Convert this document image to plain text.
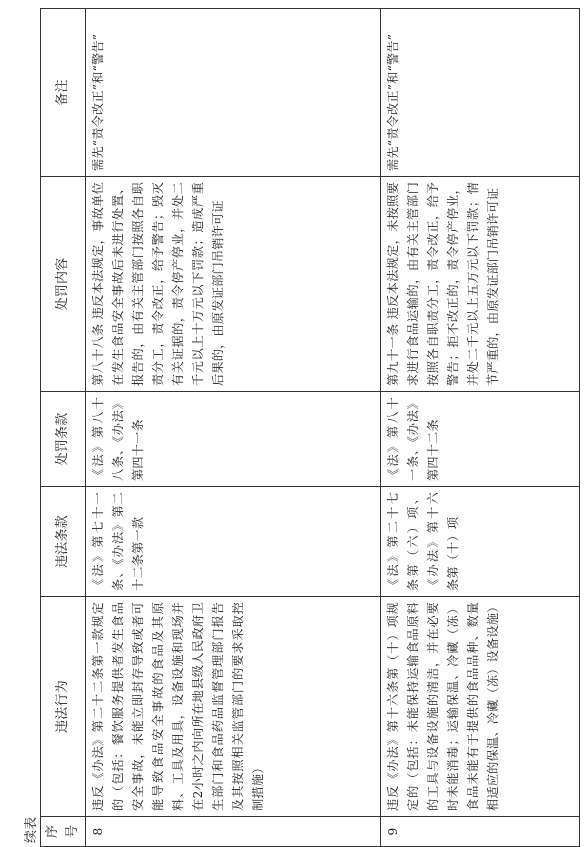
续表 序号	违法行为	违法条款	处罚条款	处罚内容	备注
8	违反《办法》第二十二条第一款规定的（包括：餐饮服务提供者发生食品安全事故，未能立即封存导致或者可能导致食品安全事故的食品及其原料、工具及用具，设备设施和现场并在2小时之内向所在地县级人民政府卫生部门和食品药品监督管理部门报告及其按照相关监管部门的要求采取控制措施）	《法》第七十一条、《办法》第二十二条第一款	《法》第八十八条、《办法》第四十一条	第八十八条 违反本法规定，事故单位在发生食品安全事故后未进行处置、报告的，由有关主管部门按照各自职责分工，责令改正，给予警告；毁灭有关证据的，责令停产停业，并处二千元以上十万元以下罚款；造成严重后果的，由原发证部门吊销许可证	需先“责令改正”和“警告”
9	违反《办法》第十六条第（十）项规定的（包括：未能保持运输食品原料的工具与设备设施的清洁，并在必要时未能消毒；运输保温、冷藏（冻）食品未能有于提供的食品品种、数量相适应的保温、冷藏（冻）设备设施）	《法》第二十七条第（六）项、《办法》第十六条第（十）项	《法》第八十一条、《办法》第四十二条	第九十一条 违反本法规定，未按照要求进行食品运输的，由有关主管部门按照各自职责分工，责令改正，给予警告；拒不改正的，责令停产停业，并处二千元以上五万元以下罚款；情节严重的，由原发证部门吊销许可证	需先“责令改正”和“警告”
